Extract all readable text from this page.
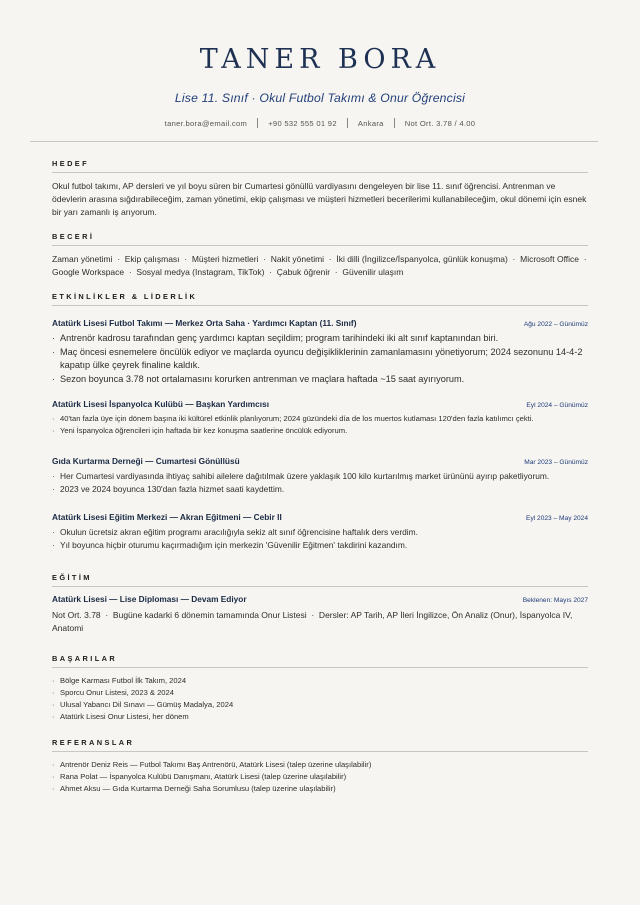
TANER BORA
Lise 11. Sınıf · Okul Futbol Takımı & Onur Öğrencisi
taner.bora@email.com	+90 532 555 01 92	Ankara	Not Ort. 3.78 / 4.00
HEDEF

Okul futbol takımı, AP dersleri ve yıl boyu süren bir Cumartesi gönüllü vardiyasını dengeleyen bir lise 11. sınıf öğrencisi. Antrenman ve ödevlerin arasına sığdırabileceğim, zaman yönetimi, ekip çalışması ve müşteri hizmetleri becerilerimi kullanabileceğim, okul dönemi için esnek bir yarı zamanlı iş arıyorum.

BECERİ
Zaman yönetimi  ·  Ekip çalışması  ·  Müşteri hizmetleri  ·  Nakit yönetimi  ·  İki dilli (İngilizce/İspanyolca, günlük konuşma)  ·  Microsoft Office  ·  Google Workspace  ·  Sosyal medya (Instagram, TikTok)  ·  Çabuk öğrenir  ·  Güvenilir ulaşım
ETKİNLİKLER & LİDERLİK
Atatürk Lisesi Futbol Takımı — Merkez Orta Saha · Yardımcı Kaptan (11. Sınıf)	Ağu 2022 – Günümüz
· Antrenör kadrosu tarafından genç yardımcı kaptan seçildim; program tarihindeki iki alt sınıf kaptanından biri.
· Maç öncesi esnemelere öncülük ediyor ve maçlarda oyuncu değişikliklerinin zamanlamasını yönetiyorum; 2024 sezonunu 14-4-2 kapatıp ülke çeyrek finaline kaldık.
· Sezon boyunca 3.78 not ortalamasını korurken antrenman ve maçlara haftada ~15 saat ayırıyorum.
Atatürk Lisesi İspanyolca Kulübü — Başkan Yardımcısı	Eyl 2024 – Günümüz
· 40'tan fazla üye için dönem başına iki kültürel etkinlik planlıyorum; 2024 güzündeki día de los muertos kutlaması 120'den fazla katılımcı çekti.
· Yeni İspanyolca öğrencileri için haftada bir kez konuşma saatlerine öncülük ediyorum.
Gıda Kurtarma Derneği — Cumartesi Gönüllüsü	Mar 2023 – Günümüz
· Her Cumartesi vardiyasında ihtiyaç sahibi ailelere dağıtılmak üzere yaklaşık 100 kilo kurtarılmış market ürününü ayırıp paketliyorum.
· 2023 ve 2024 boyunca 130'dan fazla hizmet saati kaydettim.
Atatürk Lisesi Eğitim Merkezi — Akran Eğitmeni — Cebir II	Eyl 2023 – May 2024
· Okulun ücretsiz akran eğitim programı aracılığıyla sekiz alt sınıf öğrencisine haftalık ders verdim.
· Yıl boyunca hiçbir oturumu kaçırmadığım için merkezin 'Güvenilir Eğitmen' takdirini kazandım.
EĞİTİM
Atatürk Lisesi — Lise Diploması — Devam Ediyor	Beklenen: Mayıs 2027

Not Ort. 3.78  ·  Bugüne kadarki 6 dönemin tamamında Onur Listesi  ·  Dersler: AP Tarih, AP İleri İngilizce, Ön Analiz (Onur), İspanyolca IV, Anatomi

BAŞARILAR
· Bölge Karması Futbol İlk Takım, 2024
· Sporcu Onur Listesi, 2023 & 2024
· Ulusal Yabancı Dil Sınavı — Gümüş Madalya, 2024
· Atatürk Lisesi Onur Listesi, her dönem
REFERANSLAR
· Antrenör Deniz Reis — Futbol Takımı Baş Antrenörü, Atatürk Lisesi (talep üzerine ulaşılabilir)
· Rana Polat — İspanyolca Kulübü Danışmanı, Atatürk Lisesi (talep üzerine ulaşılabilir)
· Ahmet Aksu — Gıda Kurtarma Derneği Saha Sorumlusu (talep üzerine ulaşılabilir)
